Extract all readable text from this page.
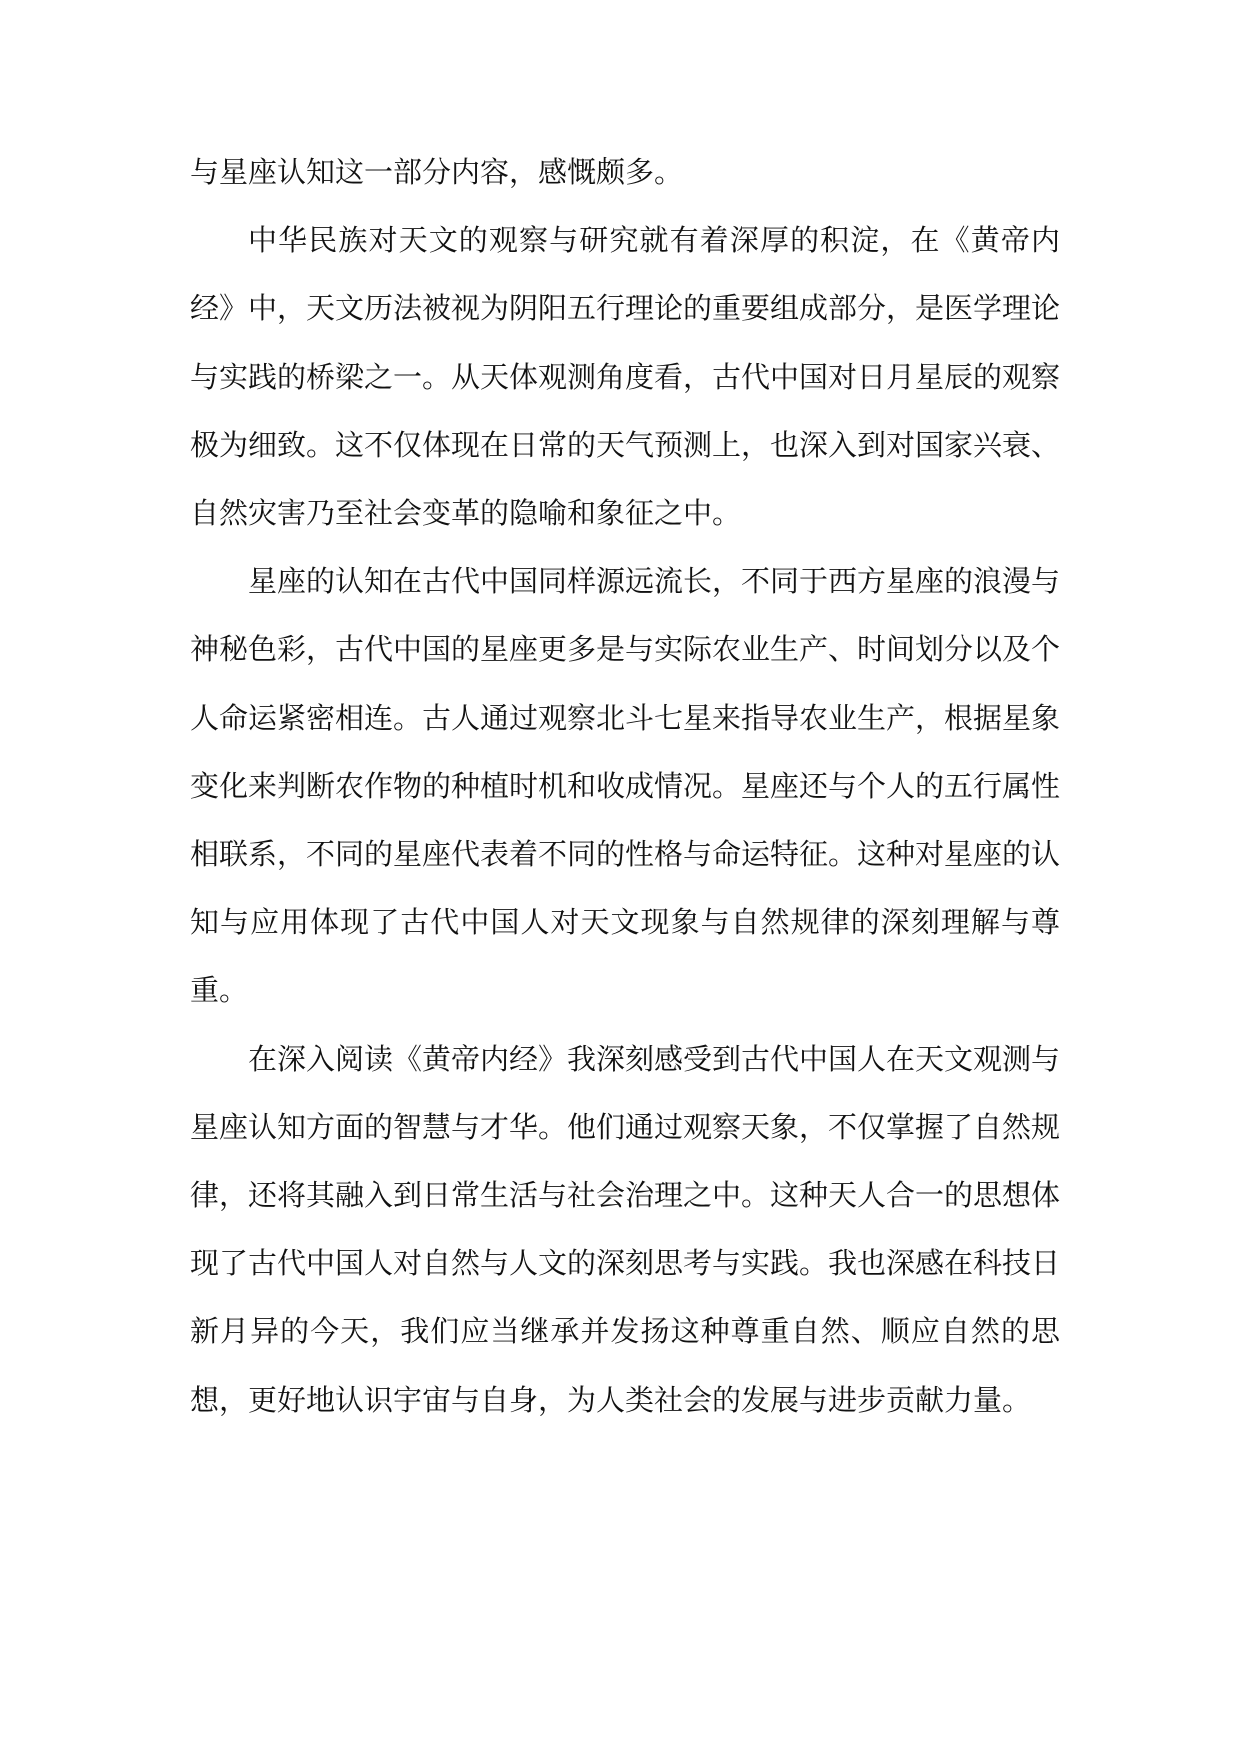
与星座认知这一部分内容，感慨颇多。

中华民族对天文的观察与研究就有着深厚的积淀，在《黄帝内经》中，天文历法被视为阴阳五行理论的重要组成部分，是医学理论与实践的桥梁之一。从天体观测角度看，古代中国对日月星辰的观察极为细致。这不仅体现在日常的天气预测上，也深入到对国家兴衰、自然灾害乃至社会变革的隐喻和象征之中。

星座的认知在古代中国同样源远流长，不同于西方星座的浪漫与神秘色彩，古代中国的星座更多是与实际农业生产、时间划分以及个人命运紧密相连。古人通过观察北斗七星来指导农业生产，根据星象变化来判断农作物的种植时机和收成情况。星座还与个人的五行属性相联系，不同的星座代表着不同的性格与命运特征。这种对星座的认知与应用体现了古代中国人对天文现象与自然规律的深刻理解与尊重。

在深入阅读《黄帝内经》我深刻感受到古代中国人在天文观测与星座认知方面的智慧与才华。他们通过观察天象，不仅掌握了自然规律，还将其融入到日常生活与社会治理之中。这种天人合一的思想体现了古代中国人对自然与人文的深刻思考与实践。我也深感在科技日新月异的今天，我们应当继承并发扬这种尊重自然、顺应自然的思想，更好地认识宇宙与自身，为人类社会的发展与进步贡献力量。
